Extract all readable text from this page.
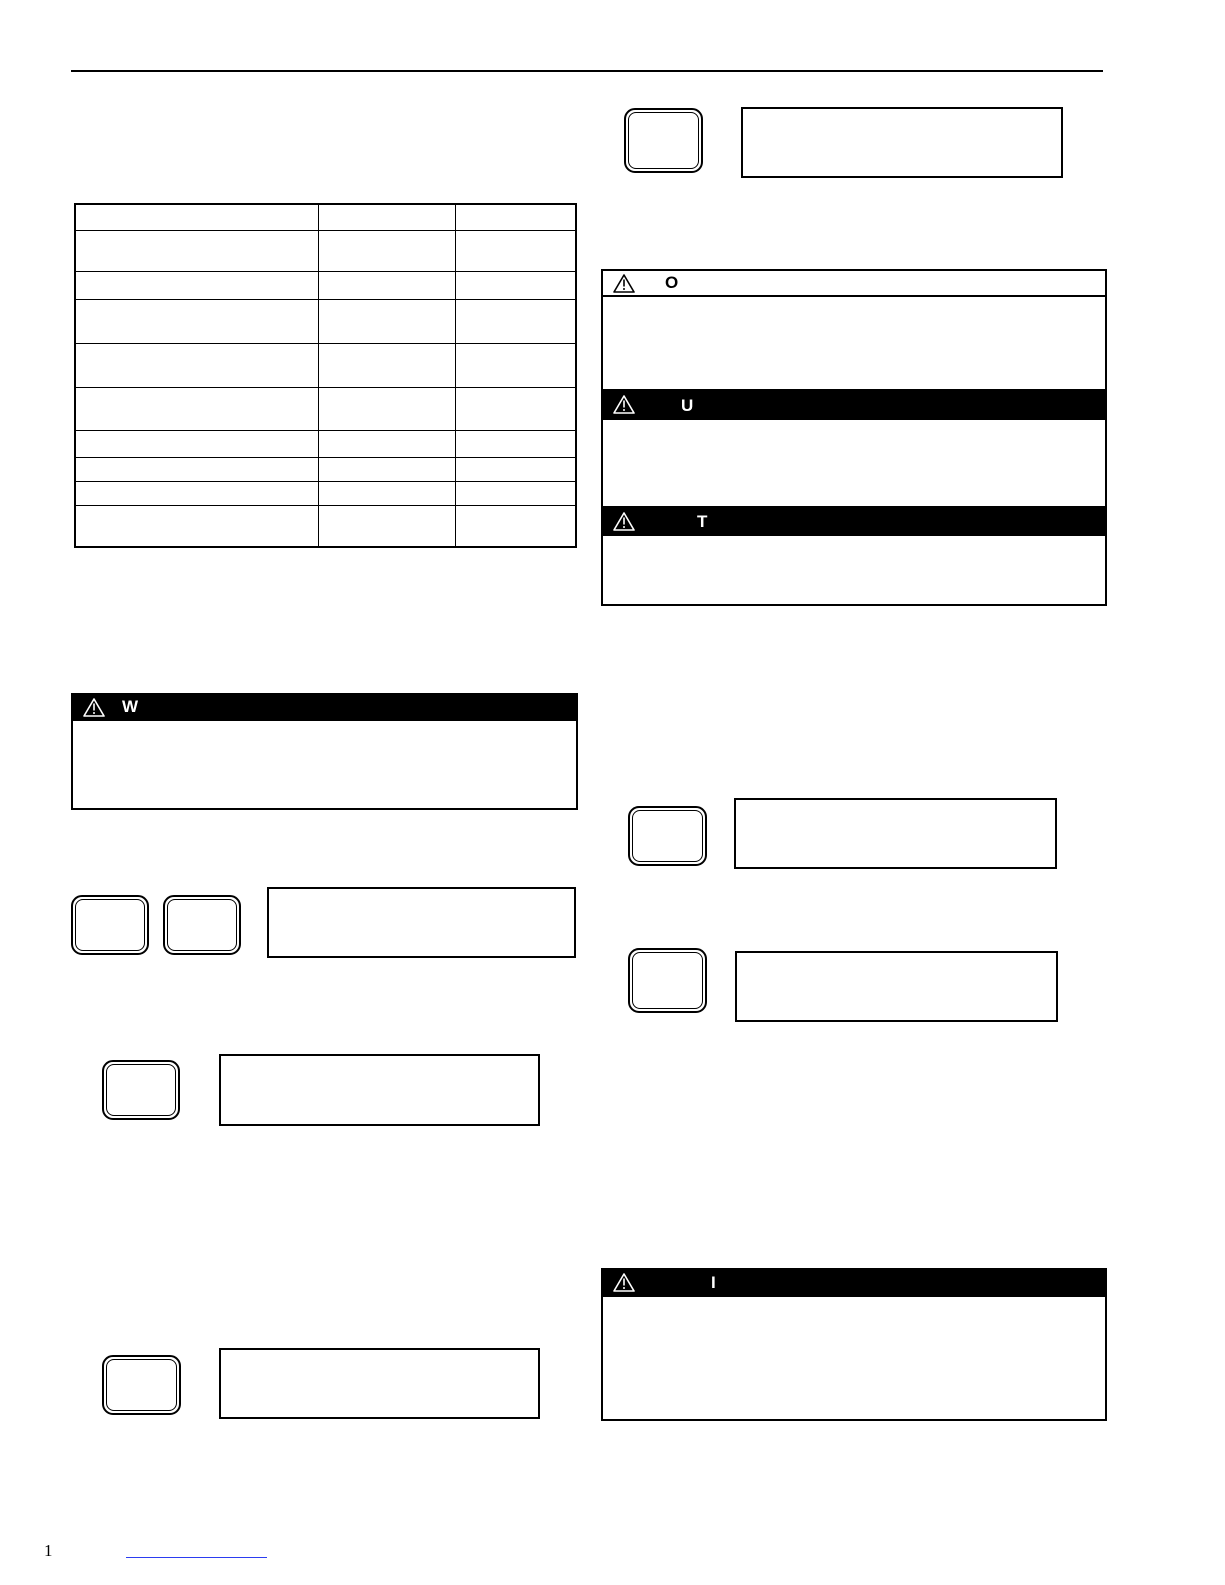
W
O
U
T
I
1
